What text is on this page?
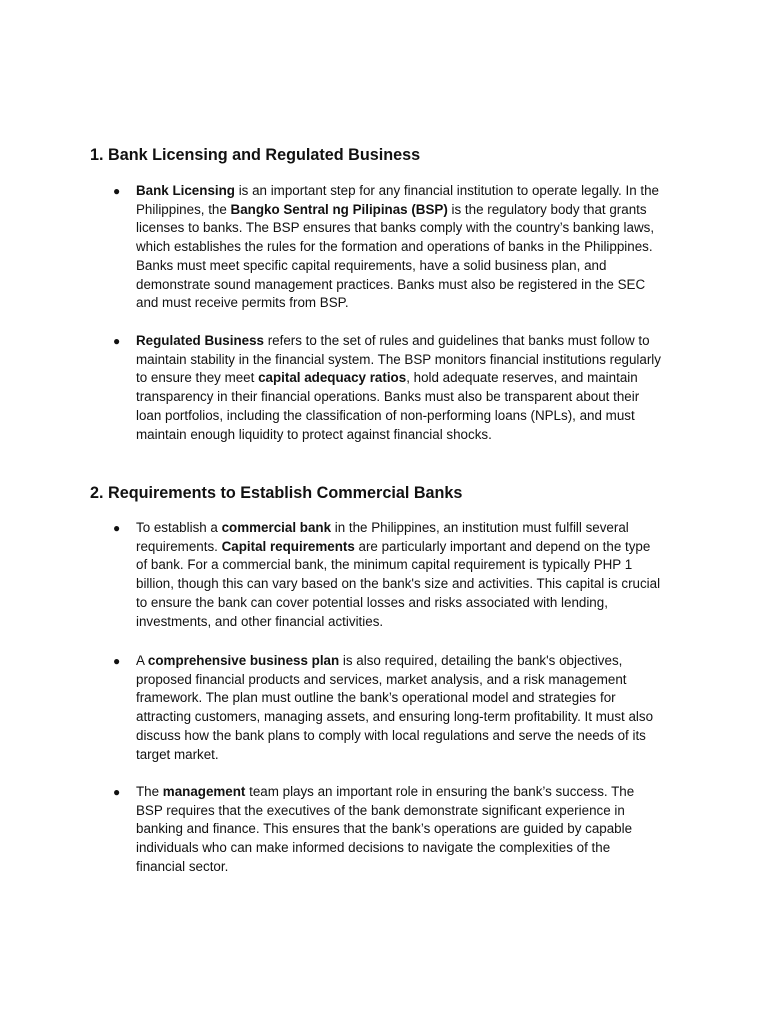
1. Bank Licensing and Regulated Business
● Bank Licensing is an important step for any financial institution to operate legally. In the
Philippines, the Bangko Sentral ng Pilipinas (BSP) is the regulatory body that grants
licenses to banks. The BSP ensures that banks comply with the country’s banking laws,
which establishes the rules for the formation and operations of banks in the Philippines.
Banks must meet specific capital requirements, have a solid business plan, and
demonstrate sound management practices. Banks must also be registered in the SEC
and must receive permits from BSP.

● Regulated Business refers to the set of rules and guidelines that banks must follow to
maintain stability in the financial system. The BSP monitors financial institutions regularly
to ensure they meet capital adequacy ratios, hold adequate reserves, and maintain
transparency in their financial operations. Banks must also be transparent about their
loan portfolios, including the classification of non-performing loans (NPLs), and must
maintain enough liquidity to protect against financial shocks.

2. Requirements to Establish Commercial Banks
● To establish a commercial bank in the Philippines, an institution must fulfill several
requirements. Capital requirements are particularly important and depend on the type
of bank. For a commercial bank, the minimum capital requirement is typically PHP 1
billion, though this can vary based on the bank's size and activities. This capital is crucial
to ensure the bank can cover potential losses and risks associated with lending,
investments, and other financial activities.

● A comprehensive business plan is also required, detailing the bank's objectives,
proposed financial products and services, market analysis, and a risk management
framework. The plan must outline the bank’s operational model and strategies for
attracting customers, managing assets, and ensuring long-term profitability. It must also
discuss how the bank plans to comply with local regulations and serve the needs of its
target market.

● The management team plays an important role in ensuring the bank’s success. The
BSP requires that the executives of the bank demonstrate significant experience in
banking and finance. This ensures that the bank’s operations are guided by capable
individuals who can make informed decisions to navigate the complexities of the
financial sector.
